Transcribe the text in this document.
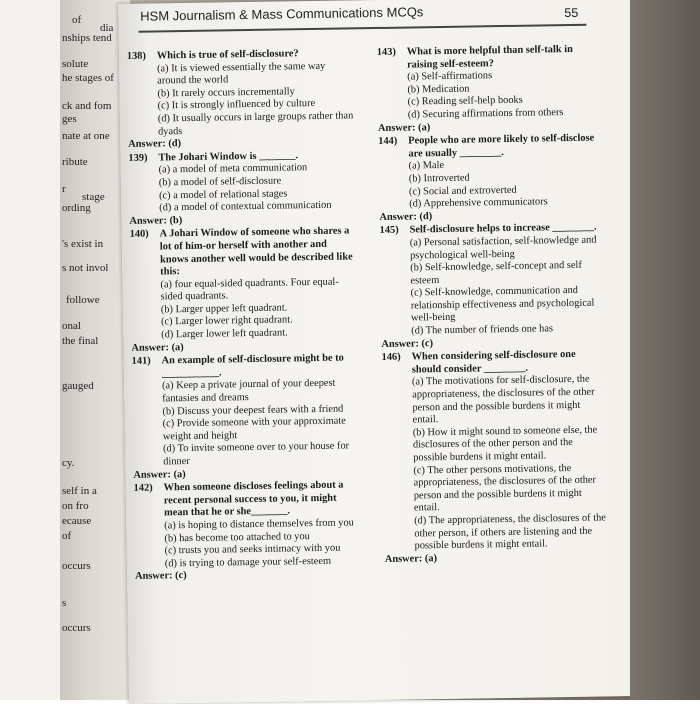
of
dia
nships tend
solute
he stages of
ck and fom
ges
nate at one
ribute
r
stage
ording
's exist in
s not invol
followe
onal
the final
gauged
cy.
self in a
on fro
ecause
of
occurs
s
occurs
HSM Journalism & Mass Communications MCQs	55
138)	Which is true of self-disclosure?
(a) It is viewed essentially the same way around the world
(b) It rarely occurs incrementally
(c) It is strongly influenced by culture
(d) It usually occurs in large groups rather than dyads
Answer: (d)
139)	The Johari Window is _______.
(a) a model of meta communication
(b) a model of self-disclosure
(c) a model of relational stages
(d) a model of contextual communication
Answer: (b)
140)	A Johari Window of someone who shares a lot of him-or herself with another and knows another well would be described like this:
(a) four equal-sided quadrants. Four equal-sided quadrants.
(b) Larger upper left quadrant.
(c) Larger lower right quadrant.
(d) Larger lower left quadrant.
Answer: (a)
141)	An example of self-disclosure might be to ___________.
(a) Keep a private journal of your deepest fantasies and dreams
(b) Discuss your deepest fears with a friend
(c) Provide someone with your approximate weight and height
(d) To invite someone over to your house for dinner
Answer: (a)
142)	When someone discloses feelings about a recent personal success to you, it might mean that he or she_______.
(a) is hoping to distance themselves from you
(b) has become too attached to you
(c) trusts you and seeks intimacy with you
(d) is trying to damage your self-esteem
Answer: (c)
143)	What is more helpful than self-talk in raising self-esteem?
(a) Self-affirmations
(b) Medication
(c) Reading self-help books
(d) Securing affirmations from others
Answer: (a)
144)	People who are more likely to self-disclose are usually ________.
(a) Male
(b) Introverted
(c) Social and extroverted
(d) Apprehensive communicators
Answer: (d)
145)	Self-disclosure helps to increase ________.
(a) Personal satisfaction, self-knowledge and psychological well-being
(b) Self-knowledge, self-concept and self esteem
(c) Self-knowledge, communication and relationship effectiveness and psychological well-being
(d) The number of friends one has
Answer: (c)
146)	When considering self-disclosure one should consider ________.
(a) The motivations for self-disclosure, the appropriateness, the disclosures of the other person and the possible burdens it might entail.
(b) How it might sound to someone else, the disclosures of the other person and the possible burdens it might entail.
(c) The other persons motivations, the appropriateness, the disclosures of the other person and the possible burdens it might entail.
(d) The appropriateness, the disclosures of the other person, if others are listening and the possible burdens it might entail.
Answer: (a)
